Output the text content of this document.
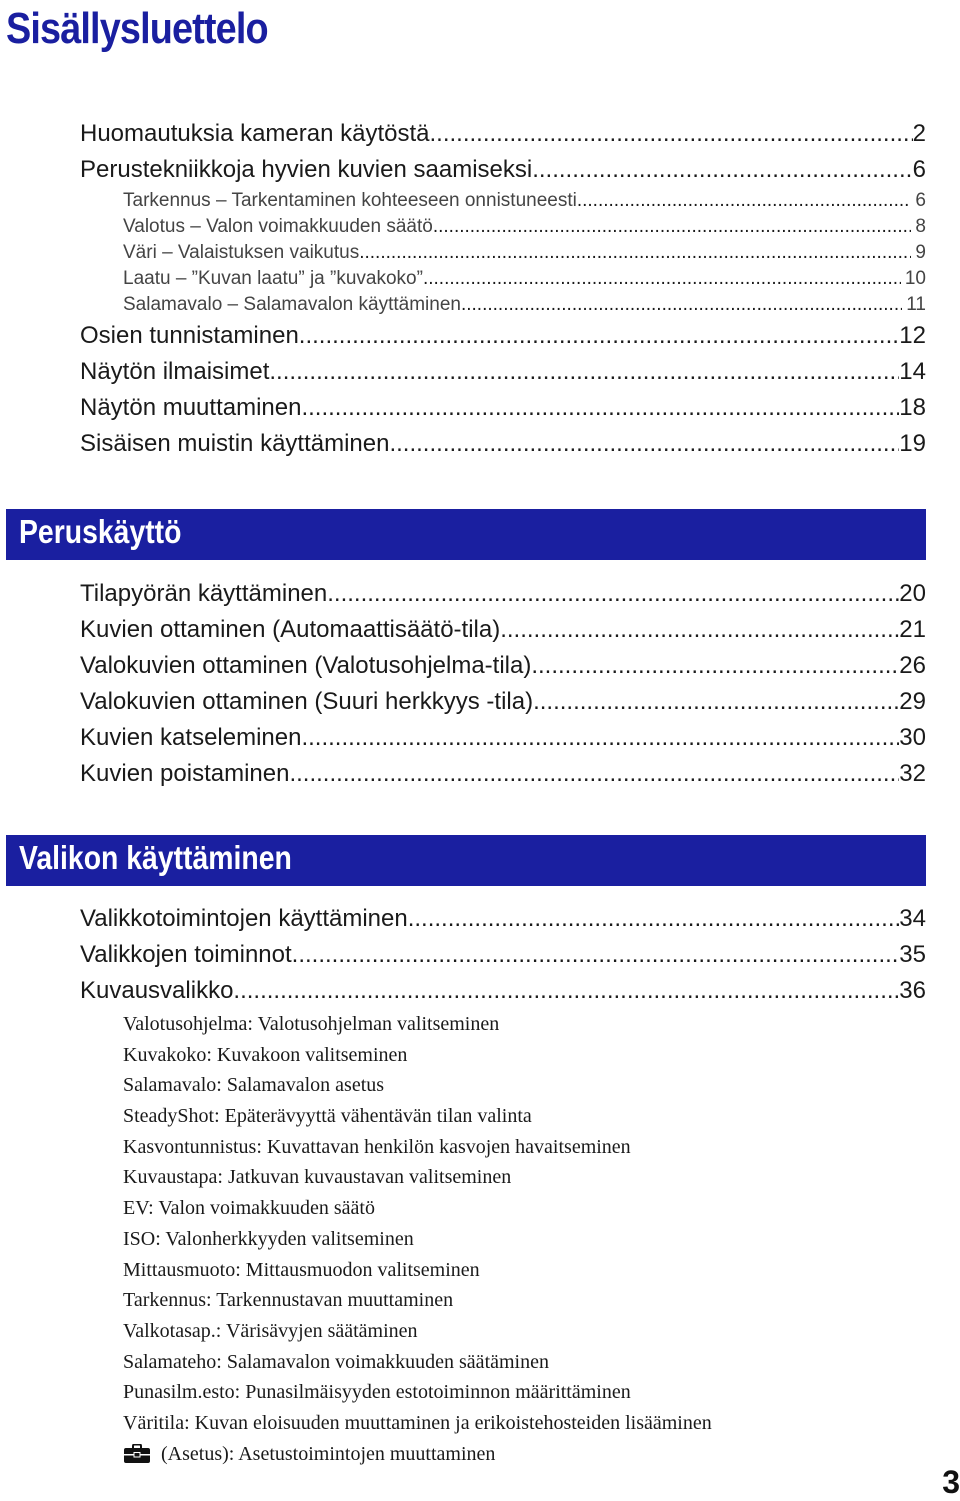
Sisällysluettelo
Huomautuksia kameran käytöstä .....	2
Perustekniikkoja hyvien kuvien saamiseksi .....	6
Tarkennus – Tarkentaminen kohteeseen onnistuneesti .....	6
Valotus – Valon voimakkuuden säätö .....	8
Väri – Valaistuksen vaikutus .....	9
Laatu – ”Kuvan laatu” ja ”kuvakoko” .....	10
Salamavalo – Salamavalon käyttäminen .....	11
Osien tunnistaminen .....	12
Näytön ilmaisimet .....	14
Näytön muuttaminen .....	18
Sisäisen muistin käyttäminen .....	19
Peruskäyttö
Tilapyörän käyttäminen .....	20
Kuvien ottaminen (Automaattisäätö-tila) .....	21
Valokuvien ottaminen (Valotusohjelma-tila) .....	26
Valokuvien ottaminen (Suuri herkkyys -tila) .....	29
Kuvien katseleminen .....	30
Kuvien poistaminen .....	32
Valikon käyttäminen
Valikkotoimintojen käyttäminen .....	34
Valikkojen toiminnot .....	35
Kuvausvalikko .....	36
Valotusohjelma: Valotusohjelman valitseminen
Kuvakoko: Kuvakoon valitseminen
Salamavalo: Salamavalon asetus
SteadyShot: Epäterävyyttä vähentävän tilan valinta
Kasvontunnistus: Kuvattavan henkilön kasvojen havaitseminen
Kuvaustapa: Jatkuvan kuvaustavan valitseminen
EV: Valon voimakkuuden säätö
ISO: Valonherkkyyden valitseminen
Mittausmuoto: Mittausmuodon valitseminen
Tarkennus: Tarkennustavan muuttaminen
Valkotasap.: Värisävyjen säätäminen
Salamateho: Salamavalon voimakkuuden säätäminen
Punasilm.esto: Punasilmäisyyden estotoiminnon määrittäminen
Väritila: Kuvan eloisuuden muuttaminen ja erikoistehosteiden lisääminen
(Asetus): Asetustoimintojen muuttaminen
3
